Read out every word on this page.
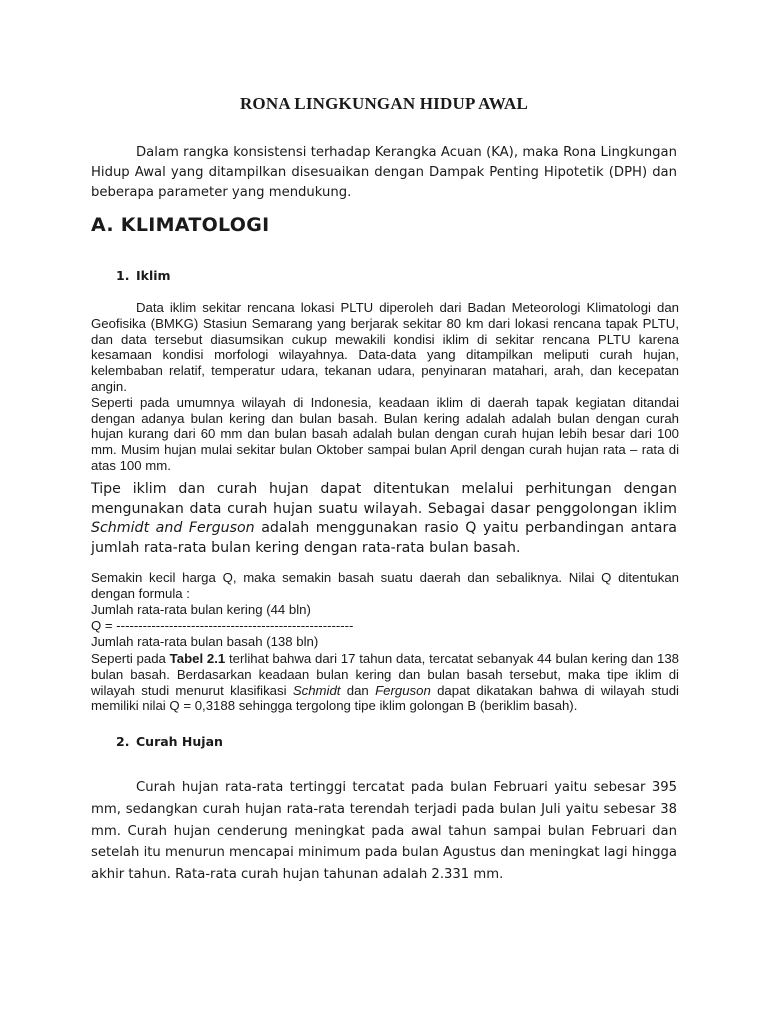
RONA LINGKUNGAN HIDUP AWAL

Dalam rangka konsistensi terhadap Kerangka Acuan (KA), maka Rona Lingkungan Hidup Awal yang ditampilkan disesuaikan dengan Dampak Penting Hipotetik (DPH) dan beberapa parameter yang mendukung.

A. KLIMATOLOGI
1. Iklim

Data iklim sekitar rencana lokasi PLTU diperoleh dari Badan Meteorologi Klimatologi dan Geofisika (BMKG) Stasiun Semarang yang berjarak sekitar 80 km dari lokasi rencana tapak PLTU, dan data tersebut diasumsikan cukup mewakili kondisi iklim di sekitar rencana PLTU karena kesamaan kondisi morfologi wilayahnya. Data-data yang ditampilkan meliputi curah hujan, kelembaban relatif, temperatur udara, tekanan udara, penyinaran matahari, arah, dan kecepatan angin.

Seperti pada umumnya wilayah di Indonesia, keadaan iklim di daerah tapak kegiatan ditandai dengan adanya bulan kering dan bulan basah. Bulan kering adalah adalah bulan dengan curah hujan kurang dari 60 mm dan bulan basah adalah bulan dengan curah hujan lebih besar dari 100 mm. Musim hujan mulai sekitar bulan Oktober sampai bulan April dengan curah hujan rata – rata di atas 100 mm.

Tipe iklim dan curah hujan dapat ditentukan melalui perhitungan dengan mengunakan data curah hujan suatu wilayah. Sebagai dasar penggolongan iklim Schmidt and Ferguson adalah menggunakan rasio Q yaitu perbandingan antara jumlah rata-rata bulan kering dengan rata-rata bulan basah.

Semakin kecil harga Q, maka semakin basah suatu daerah dan sebaliknya. Nilai Q ditentukan dengan formula :

Jumlah rata-rata bulan kering (44 bln)
Q = ------------------------------------------------------
Jumlah rata-rata bulan basah (138 bln)

Seperti pada Tabel 2.1 terlihat bahwa dari 17 tahun data, tercatat sebanyak 44 bulan kering dan 138 bulan basah. Berdasarkan keadaan bulan kering dan bulan basah tersebut, maka tipe iklim di wilayah studi menurut klasifikasi Schmidt dan Ferguson dapat dikatakan bahwa di wilayah studi memiliki nilai Q = 0,3188 sehingga tergolong tipe iklim golongan B (beriklim basah).

2. Curah Hujan

Curah hujan rata-rata tertinggi tercatat pada bulan Februari yaitu sebesar 395 mm, sedangkan curah hujan rata-rata terendah terjadi pada bulan Juli yaitu sebesar 38 mm. Curah hujan cenderung meningkat pada awal tahun sampai bulan Februari dan setelah itu menurun mencapai minimum pada bulan Agustus dan meningkat lagi hingga akhir tahun. Rata-rata curah hujan tahunan adalah 2.331 mm.
